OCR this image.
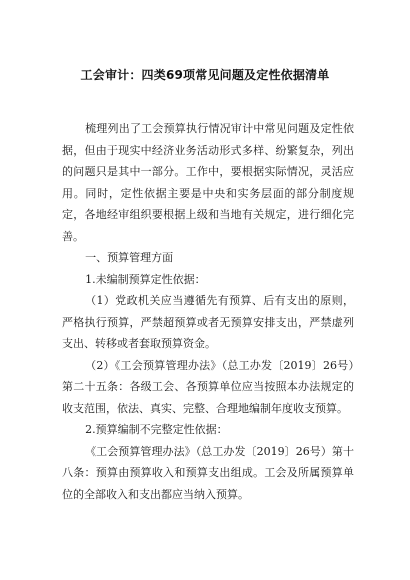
工会审计：四类69项常见问题及定性依据清单

梳理列出了工会预算执行情况审计中常见问题及定性依据，但由于现实中经济业务活动形式多样、纷繁复杂，列出的问题只是其中一部分。工作中，要根据实际情况，灵活应用。同时，定性依据主要是中央和实务层面的部分制度规定，各地经审组织要根据上级和当地有关规定，进行细化完善。

一、预算管理方面

1.未编制预算定性依据：

（1）党政机关应当遵循先有预算、后有支出的原则，严格执行预算，严禁超预算或者无预算安排支出，严禁虚列支出、转移或者套取预算资金。

（2）《工会预算管理办法》（总工办发〔2019〕26号）第二十五条：各级工会、各预算单位应当按照本办法规定的收支范围，依法、真实、完整、合理地编制年度收支预算。

2.预算编制不完整定性依据：

《工会预算管理办法》（总工办发〔2019〕26号）第十八条：预算由预算收入和预算支出组成。工会及所属预算单位的全部收入和支出都应当纳入预算。
